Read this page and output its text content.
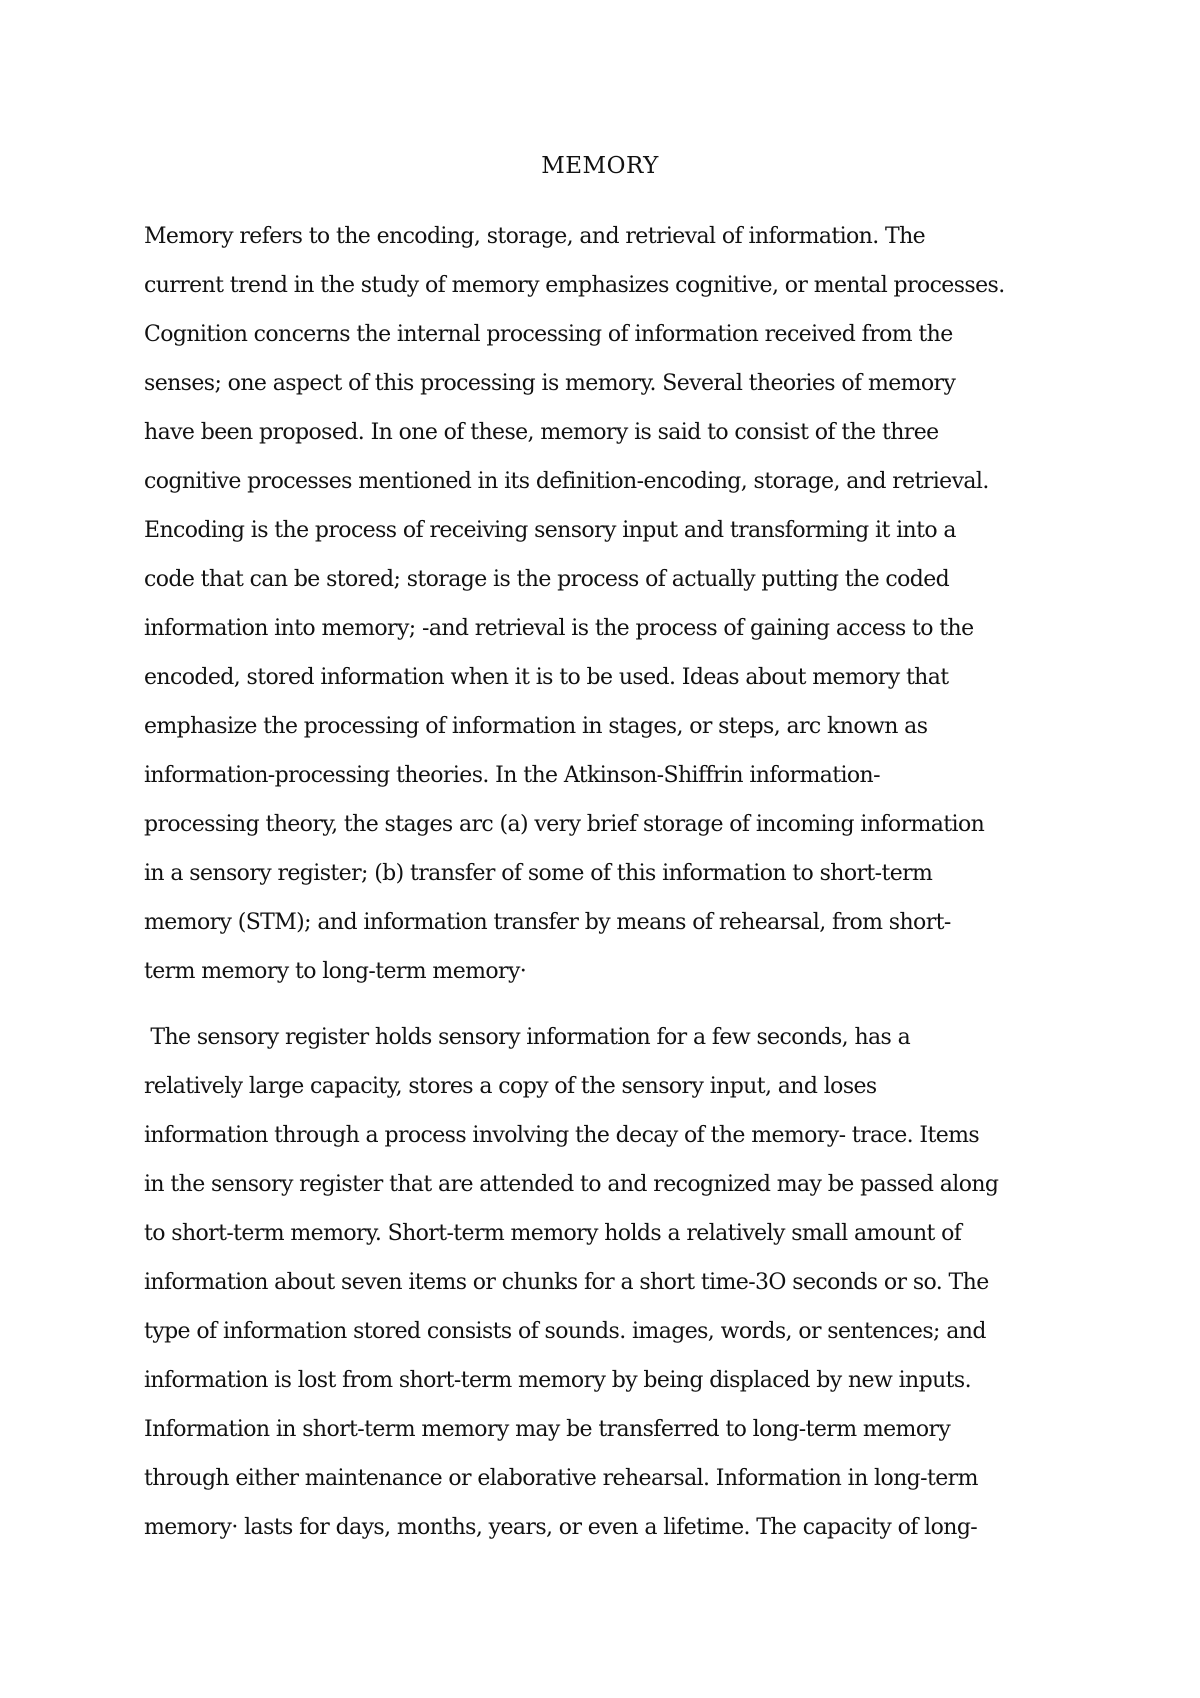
MEMORY
Memory refers to the encoding, storage, and retrieval of information. The
current trend in the study of memory emphasizes cognitive, or mental processes.
Cognition concerns the internal processing of information received from the
senses; one aspect of this processing is memory. Several theories of memory
have been proposed. In one of these, memory is said to consist of the three
cognitive processes mentioned in its definition-encoding, storage, and retrieval.
Encoding is the process of receiving sensory input and transforming it into a
code that can be stored; storage is the process of actually putting the coded
information into memory; -and retrieval is the process of gaining access to the
encoded, stored information when it is to be used. Ideas about memory that
emphasize the processing of information in stages, or steps, arc known as
information-processing theories. In the Atkinson-Shiffrin information-
processing theory, the stages arc (a) very brief storage of incoming information
in a sensory register; (b) transfer of some of this information to short-term
memory (STM); and information transfer by means of rehearsal, from short-
term memory to long-term memory·
The sensory register holds sensory information for a few seconds, has a
relatively large capacity, stores a copy of the sensory input, and loses
information through a process involving the decay of the memory- trace. Items
in the sensory register that are attended to and recognized may be passed along
to short-term memory. Short-term memory holds a relatively small amount of
information about seven items or chunks for a short time-3O seconds or so. The
type of information stored consists of sounds. images, words, or sentences; and
information is lost from short-term memory by being displaced by new inputs.
Information in short-term memory may be transferred to long-term memory
through either maintenance or elaborative rehearsal. Information in long-term
memory· lasts for days, months, years, or even a lifetime. The capacity of long-
